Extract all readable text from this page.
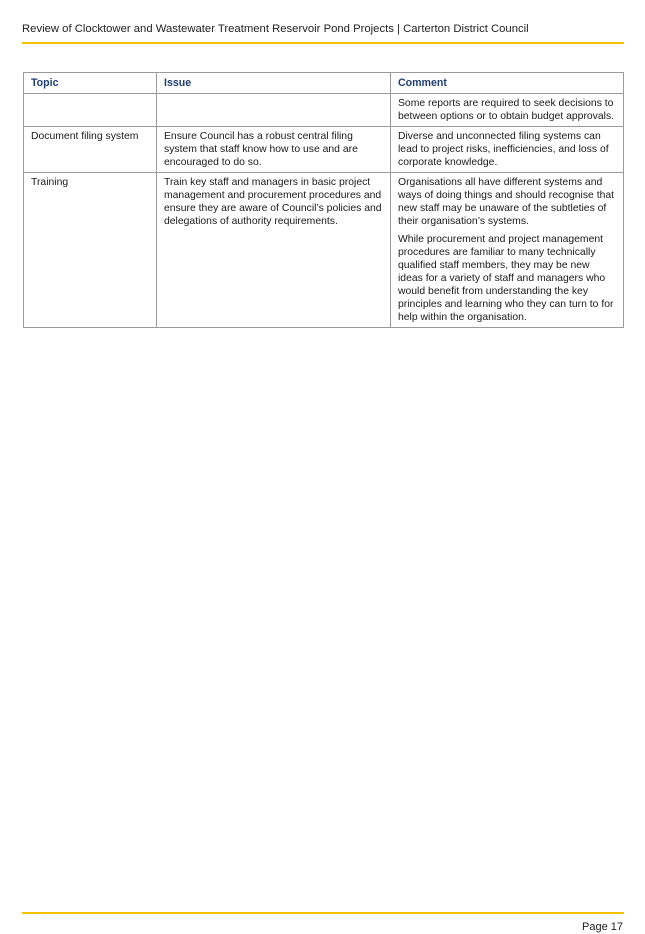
Review of Clocktower and Wastewater Treatment Reservoir Pond Projects | Carterton District Council
Topic	Issue	Comment

		Some reports are required to seek decisions to between options or to obtain budget approvals.

Document filing system	Ensure Council has a robust central filing system that staff know how to use and are encouraged to do so.	Diverse and unconnected filing systems can lead to project risks, inefficiencies, and loss of corporate knowledge.

Training	Train key staff and managers in basic project management and procurement procedures and ensure they are aware of Council’s policies and delegations of authority requirements.	Organisations all have different systems and ways of doing things and should recognise that new staff may be unaware of the subtleties of their organisation’s systems.

While procurement and project management procedures are familiar to many technically qualified staff members, they may be new ideas for a variety of staff and managers who would benefit from understanding the key principles and learning who they can turn to for help within the organisation.

Page 17
